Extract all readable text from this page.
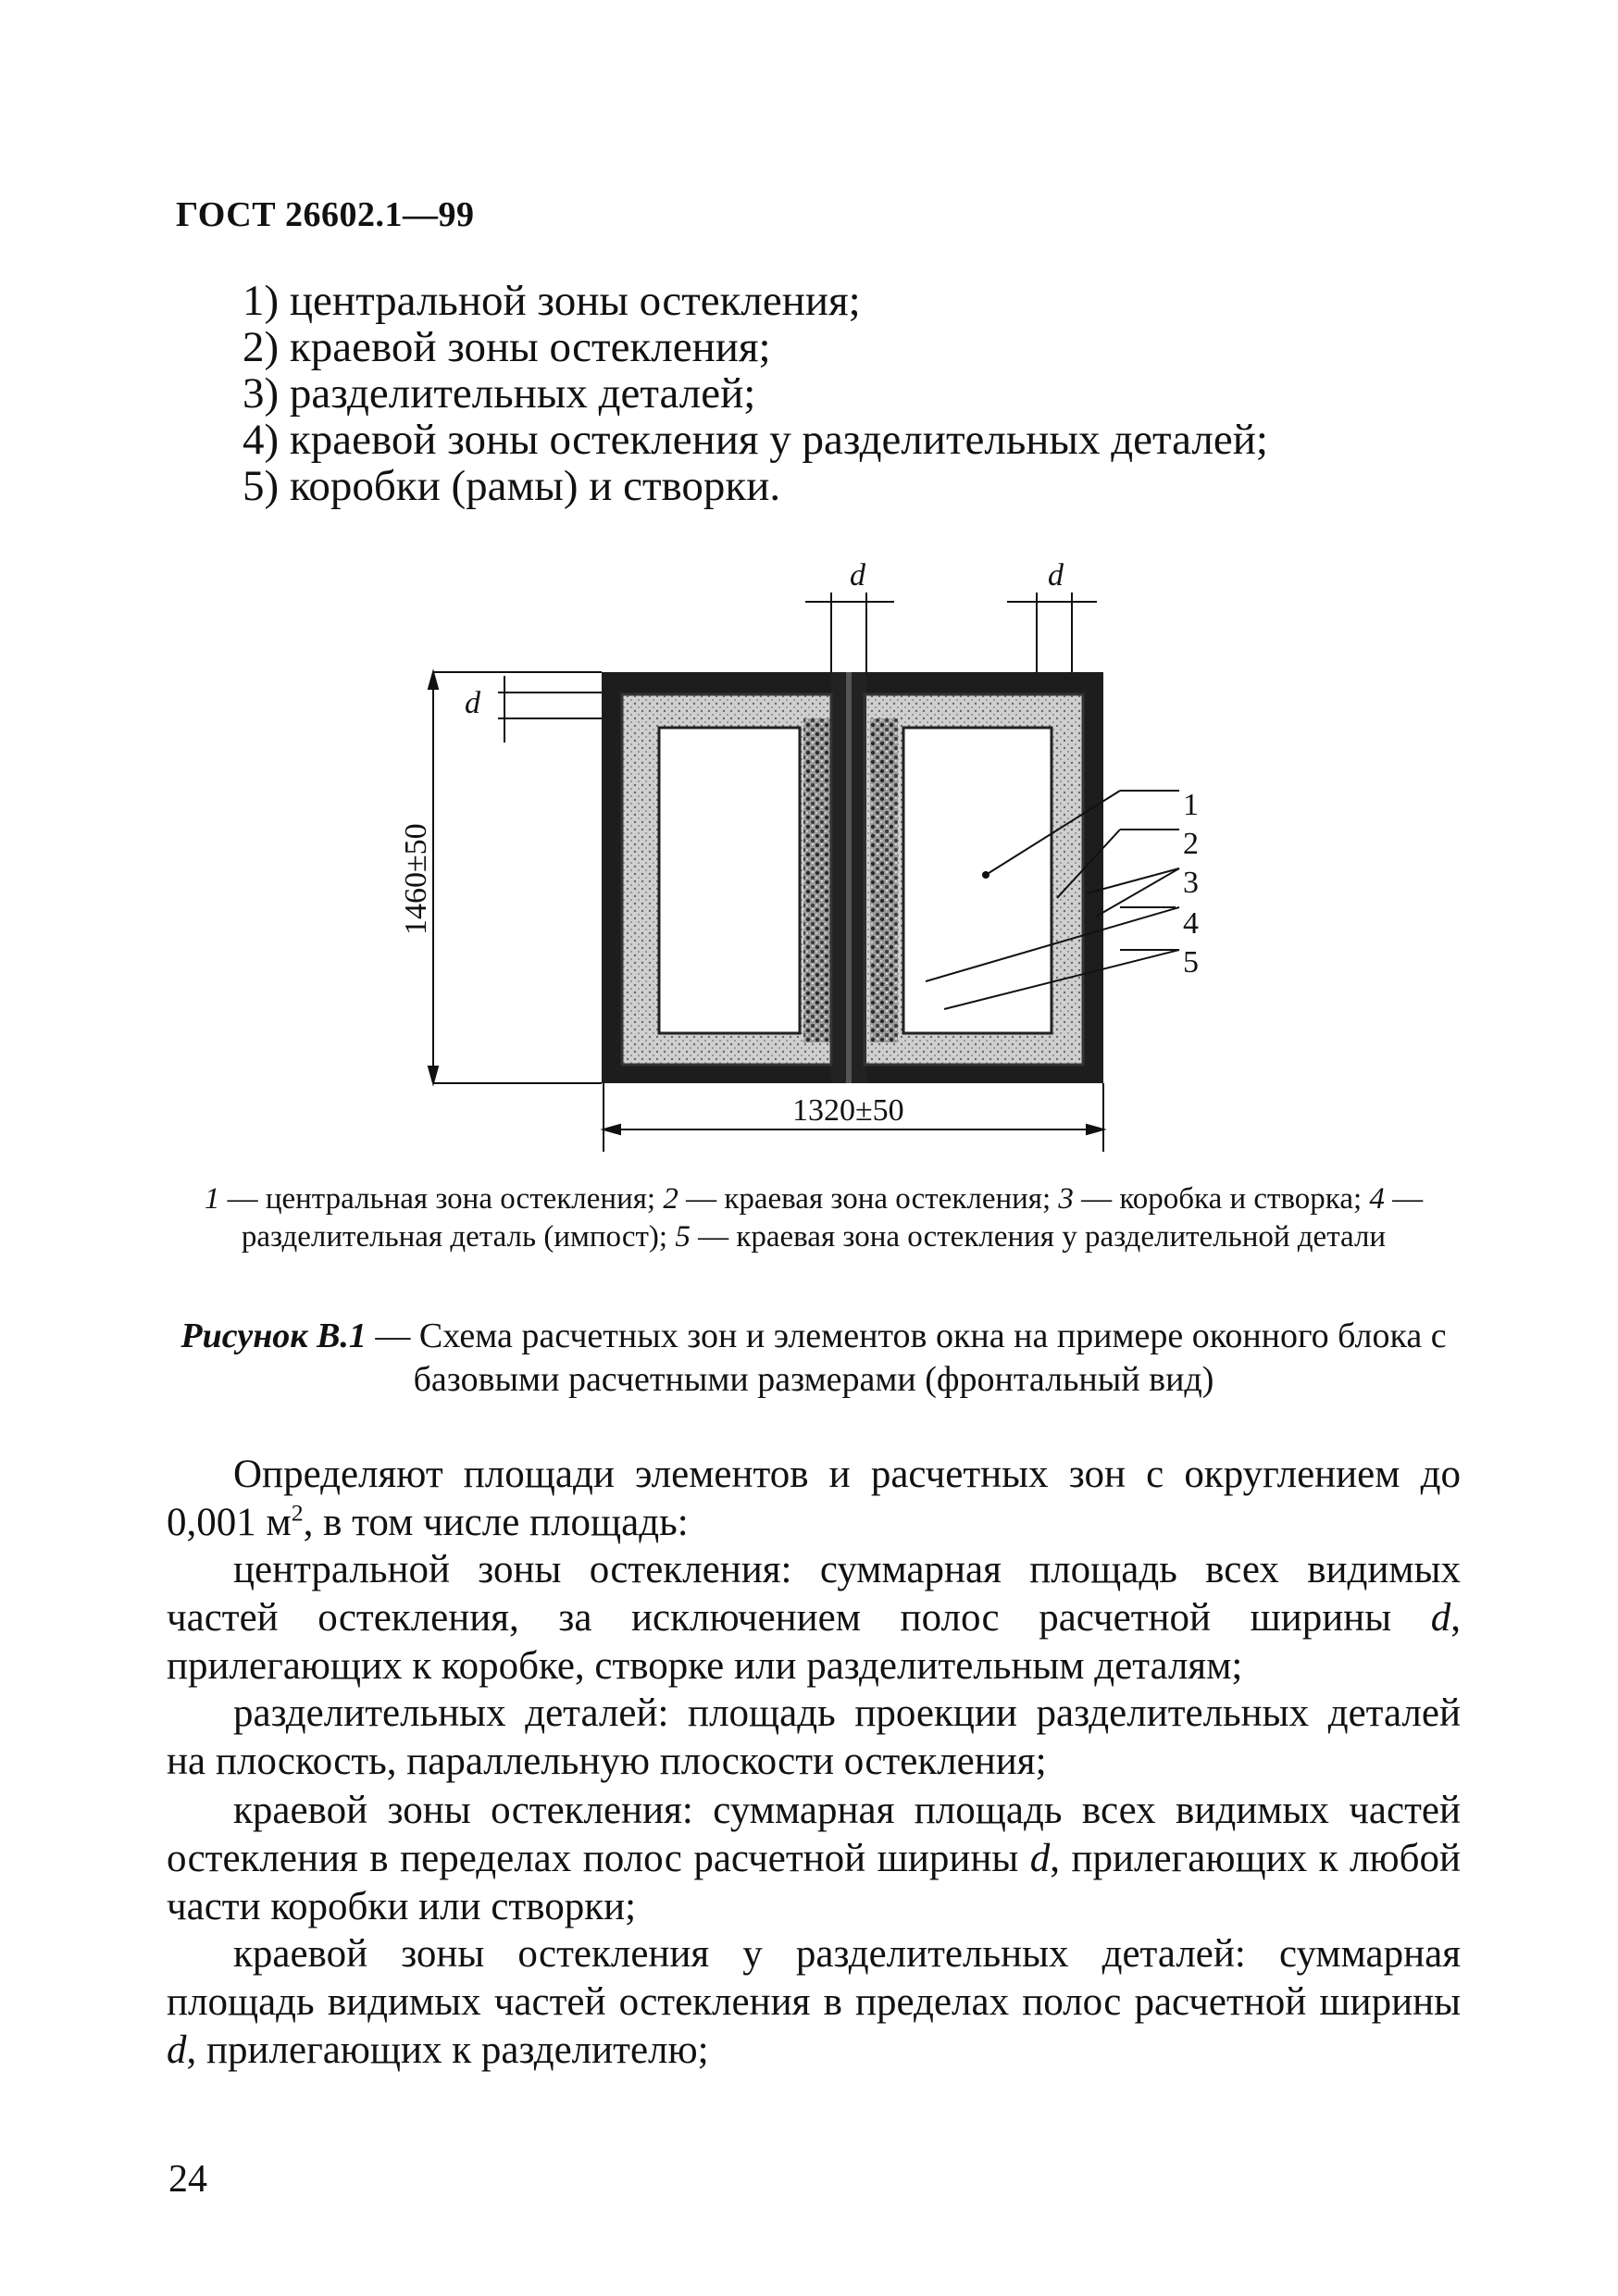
ГОСТ 26602.1—99
1) центральной зоны остекления;
2) краевой зоны остекления;
3) разделительных деталей;
4) краевой зоны остекления у разделительных деталей;
5) коробки (рамы) и створки.
d	d
d
1460±50
1320±50
1
2
3
4
5
1 — центральная зона остекления; 2 — краевая зона остекления; 3 — коробка и створка; 4 — разделительная деталь (импост); 5 — краевая зона остекления у разделительной детали
Рисунок В.1 — Схема расчетных зон и элементов окна на примере оконного блока с базовыми расчетными размерами (фронтальный вид)

Определяют площади элементов и расчетных зон с округлением до 0,001 $м^2$, в том числе площадь:

центральной зоны остекления: суммарная площадь всех видимых частей остекления, за исключением полос расчетной ширины d, прилегающих к коробке, створке или разделительным деталям;

разделительных деталей: площадь проекции разделительных деталей на плоскость, параллельную плоскости остекления;

краевой зоны остекления: суммарная площадь всех видимых частей остекления в переделах полос расчетной ширины d, прилегающих к любой части коробки или створки;

краевой зоны остекления у разделительных деталей: суммарная площадь видимых частей остекления в пределах полос расчетной ширины d, прилегающих к разделителю;

24
